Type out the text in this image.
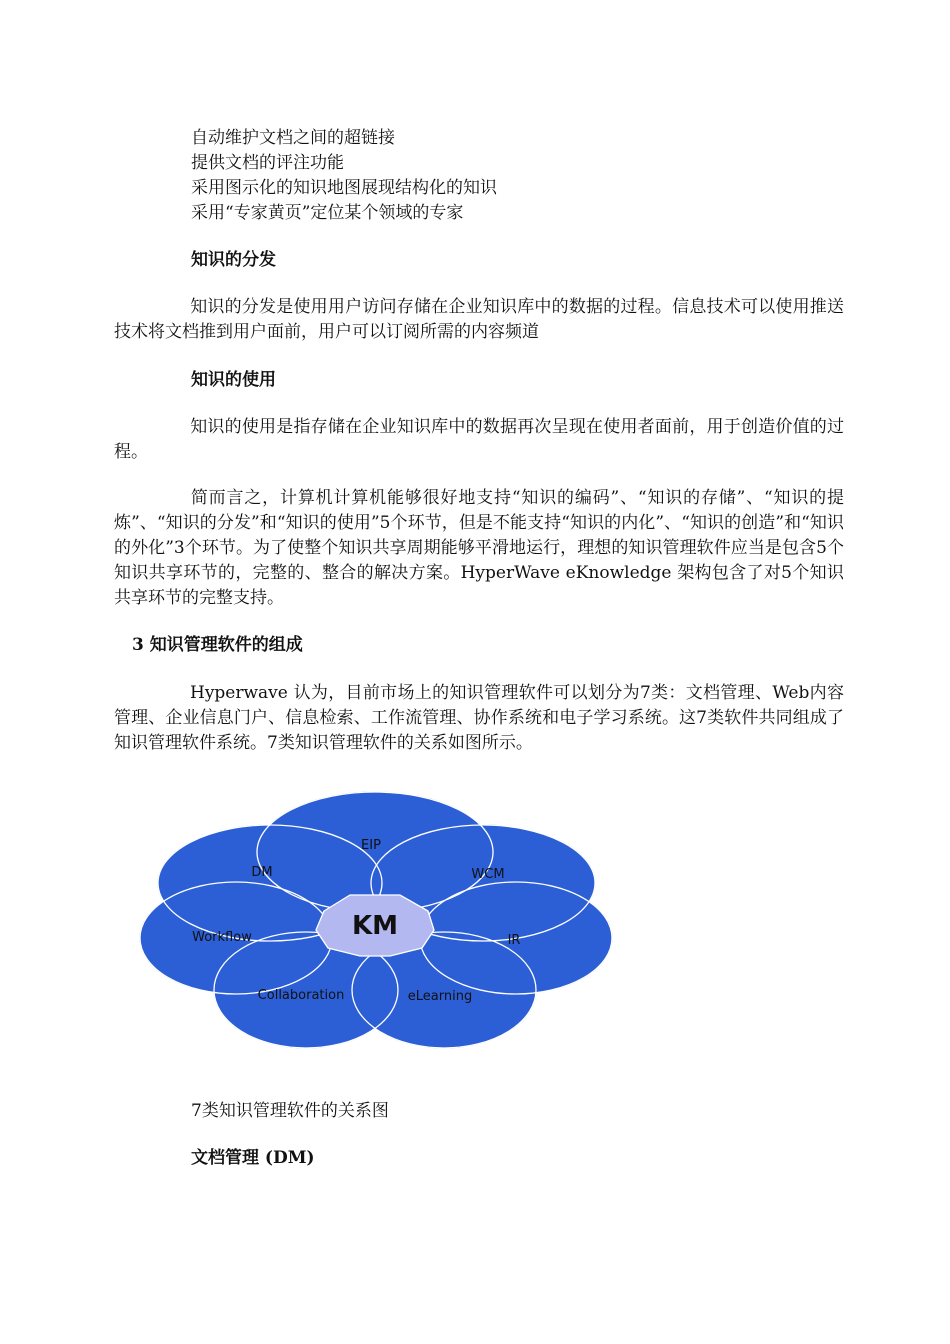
自动维护文档之间的超链接
提供文档的评注功能
采用图示化的知识地图展现结构化的知识
采用“专家黄页”定位某个领域的专家
知识的分发
知识的分发是使用用户访问存储在企业知识库中的数据的过程。信息技术可以使用推送技术将文档推到用户面前，用户可以订阅所需的内容频道
知识的使用
知识的使用是指存储在企业知识库中的数据再次呈现在使用者面前，用于创造价值的过程。
简而言之，计算机计算机能够很好地支持“知识的编码”、“知识的存储”、“知识的提炼”、“知识的分发”和“知识的使用”5个环节，但是不能支持“知识的内化”、“知识的创造”和“知识的外化”3个环节。为了使整个知识共享周期能够平滑地运行，理想的知识管理软件应当是包含5个知识共享环节的，完整的、整合的解决方案。HyperWave eKnowledge 架构包含了对5个知识共享环节的完整支持。
3 知识管理软件的组成
Hyperwave 认为，目前市场上的知识管理软件可以划分为7类：文档管理、Web内容管理、企业信息门户、信息检索、工作流管理、协作系统和电子学习系统。这7类软件共同组成了知识管理软件系统。7类知识管理软件的关系如图所示。
EIP
DM	WCM
Workflow	IR
Collaboration	eLearning
KM
7类知识管理软件的关系图
文档管理 (DM)
